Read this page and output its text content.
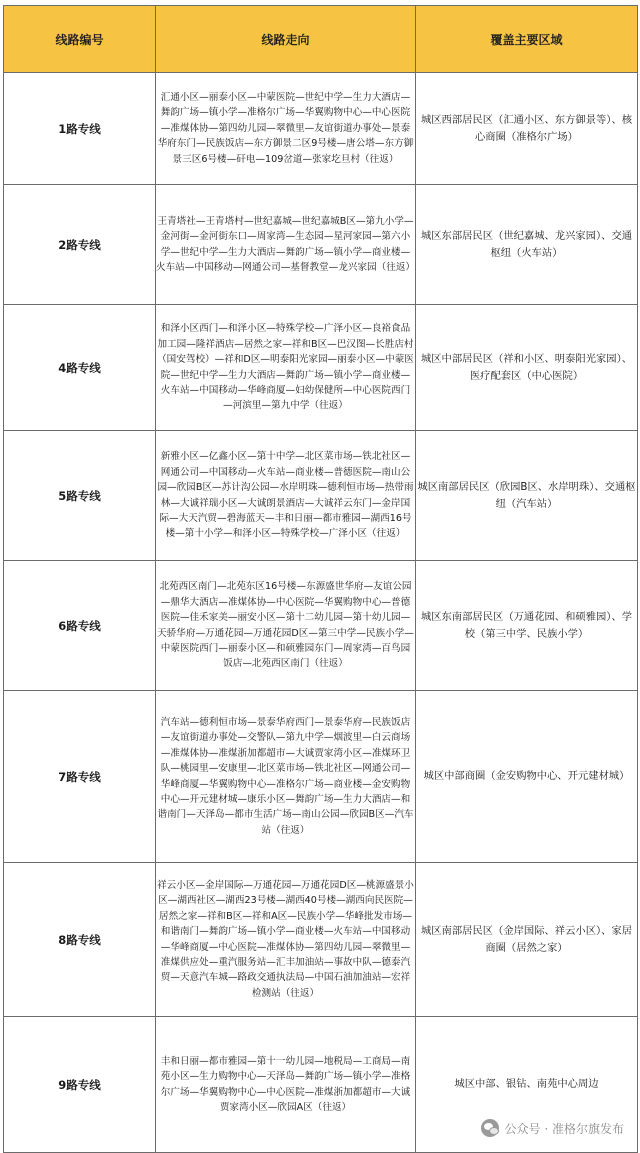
线路编号	线路走向	覆盖主要区域
1路专线	汇通小区—丽泰小区—中蒙医院—世纪中学—生力大酒店—舞韵广场—镇小学—准格尔广场—华翼购物中心—中心医院—准煤体协—第四幼儿园—翠微里—友谊街道办事处—景泰华府东门—民族饭店—东方御景二区9号楼—唐公塔—东方御景三区6号楼—矸电—109岔道—张家圪旦村（往返）	城区西部居民区（汇通小区、东方御景等）、核心商圈（准格尔广场）
2路专线	王青塔社—王青塔村—世纪嘉城—世纪嘉城B区—第九小学—金河街—金河街东口—周家湾—生态园—星河家园—第六小学—世纪中学—生力大酒店—舞韵广场—镇小学—商业楼—火车站—中国移动—网通公司—基督教堂—龙兴家园（往返）	城区东部居民区（世纪嘉城、龙兴家园）、交通枢纽（火车站）
4路专线	和泽小区西门—和泽小区—特殊学校—广泽小区—良裕食品加工园—隆祥酒店—居然之家—祥和B区—巴汉图—长胜店村（国安驾校）—祥和D区—明泰阳光家园—丽泰小区—中蒙医院—世纪中学—生力大酒店—舞韵广场—镇小学—商业楼—火车站—中国移动—华峰商厦—妇幼保健所—中心医院西门—河滨里—第九中学（往返）	城区中部居民区（祥和小区、明泰阳光家园）、医疗配套区（中心医院）
5路专线	新雅小区—亿鑫小区—第十中学—北区菜市场—铁北社区—网通公司—中国移动—火车站—商业楼—普德医院—南山公园—欣园B区—苏计沟公园—水岸明珠—德利恒市场—热带雨林—大诚祥瑞小区—大诚朗景酒店—大诚祥云东门—金岸国际—大天汽贸—碧海蓝天—丰和日丽—都市雅园—湖西16号楼—第十小学—和泽小区—特殊学校—广泽小区（往返）	城区南部居民区（欣园B区、水岸明珠）、交通枢纽（汽车站）
6路专线	北苑西区南门—北苑东区16号楼—东源盛世华府—友谊公园—鼎华大酒店—准煤体协—中心医院—华翼购物中心—普德医院—佳禾家美—丽安小区—第十二幼儿园—第十幼儿园—天骄华府—万通花园—万通花园D区—第三中学—民族小学—中蒙医院西门—丽泰小区—和硕雅园东门—周家湾—百鸟园饭店—北苑西区南门（往返）	城区东南部居民区（万通花园、和硕雅园）、学校（第三中学、民族小学）
7路专线	汽车站—德利恒市场—景泰华府西门—景泰华府—民族饭店—友谊街道办事处—交警队—第九中学—烟波里—白云商场—准煤体协—准煤浙加都超市—大诚贾家湾小区—准煤环卫队—桃园里—安康里—北区菜市场—铁北社区—网通公司—华峰商厦—华翼购物中心—准格尔广场—商业楼—金安购物中心—开元建材城—康乐小区—舞韵广场—生力大酒店—和谐南门—天泽岛—都市生活广场—南山公园—欣园B区—汽车站（往返）	城区中部商圈（金安购物中心、开元建材城）
8路专线	祥云小区—金岸国际—万通花园—万通花园D区—桃源盛景小区—湖西社区—湖西23号楼—湖西40号楼—湖西向民医院—居然之家—祥和B区—祥和A区—民族小学—华峰批发市场—和谐南门—舞韵广场—镇小学—商业楼—火车站—中国移动—华峰商厦—中心医院—准煤体协—第四幼儿园—翠微里—准煤供应处—重汽服务站—汇丰加油站—事故中队—德泰汽贸—天意汽车城—路政交通执法局—中国石油加油站—宏祥检测站（往返）	城区南部居民区（金岸国际、祥云小区）、家居商圈（居然之家）
9路专线	丰和日丽—都市雅园—第十一幼儿园—地税局—工商局—南苑小区—生力购物中心—天泽岛—舞韵广场—镇小学—准格尔广场—华翼购物中心—中心医院—准煤浙加都超市—大诚贾家湾小区—欣园A区（往返）	城区中部、银钻、南苑中心周边
公众号 · 准格尔旗发布
